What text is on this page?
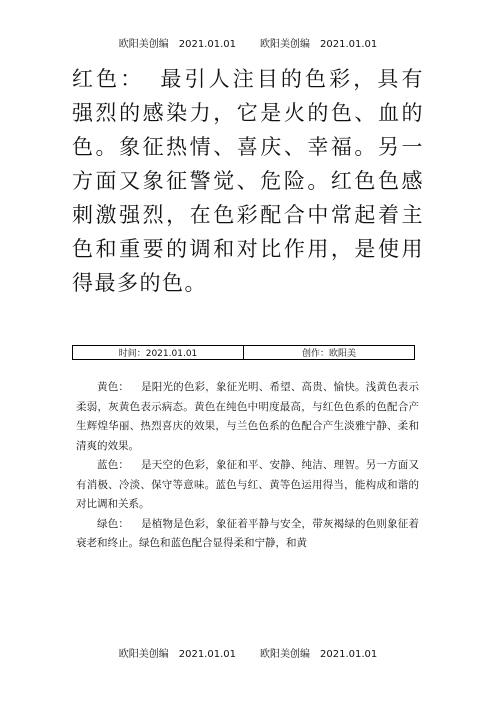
欧阳美创编 2021.01.01 欧阳美创编 2021.01.01

红色： 最引人注目的色彩，具有强烈的感染力，它是火的色、血的色。象征热情、喜庆、幸福。另一方面又象征警觉、危险。红色色感刺激强烈，在色彩配合中常起着主色和重要的调和对比作用，是使用得最多的色。

时间：2021.01.01	创作：欧阳美

黄色： 是阳光的色彩，象征光明、希望、高贵、愉快。浅黄色表示柔弱，灰黄色表示病态。黄色在纯色中明度最高，与红色色系的色配合产生辉煌华丽、热烈喜庆的效果，与兰色色系的色配合产生淡雅宁静、柔和清爽的效果。

蓝色： 是天空的色彩，象征和平、安静、纯洁、理智。另一方面又有消极、冷淡、保守等意味。蓝色与红、黄等色运用得当，能构成和谐的对比调和关系。

绿色： 是植物是色彩，象征着平静与安全，带灰褐绿的色则象征着衰老和终止。绿色和蓝色配合显得柔和宁静，和黄

欧阳美创编 2021.01.01 欧阳美创编 2021.01.01
